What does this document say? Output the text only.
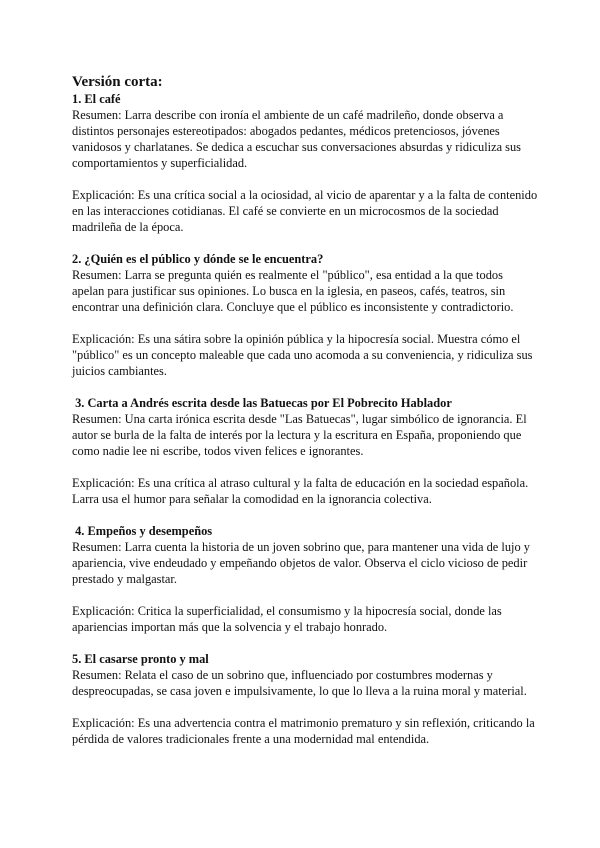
Versión corta:
1. El café
Resumen: Larra describe con ironía el ambiente de un café madrileño, donde observa a
distintos personajes estereotipados: abogados pedantes, médicos pretenciosos, jóvenes
vanidosos y charlatanes. Se dedica a escuchar sus conversaciones absurdas y ridiculiza sus
comportamientos y superficialidad.
Explicación: Es una crítica social a la ociosidad, al vicio de aparentar y a la falta de contenido
en las interacciones cotidianas. El café se convierte en un microcosmos de la sociedad
madrileña de la época.
2. ¿Quién es el público y dónde se le encuentra?
Resumen: Larra se pregunta quién es realmente el "público", esa entidad a la que todos
apelan para justificar sus opiniones. Lo busca en la iglesia, en paseos, cafés, teatros, sin
encontrar una definición clara. Concluye que el público es inconsistente y contradictorio.
Explicación: Es una sátira sobre la opinión pública y la hipocresía social. Muestra cómo el
"público" es un concepto maleable que cada uno acomoda a su conveniencia, y ridiculiza sus
juicios cambiantes.
3. Carta a Andrés escrita desde las Batuecas por El Pobrecito Hablador
Resumen: Una carta irónica escrita desde "Las Batuecas", lugar simbólico de ignorancia. El
autor se burla de la falta de interés por la lectura y la escritura en España, proponiendo que
como nadie lee ni escribe, todos viven felices e ignorantes.
Explicación: Es una crítica al atraso cultural y la falta de educación en la sociedad española.
Larra usa el humor para señalar la comodidad en la ignorancia colectiva.
4. Empeños y desempeños
Resumen: Larra cuenta la historia de un joven sobrino que, para mantener una vida de lujo y
apariencia, vive endeudado y empeñando objetos de valor. Observa el ciclo vicioso de pedir
prestado y malgastar.
Explicación: Critica la superficialidad, el consumismo y la hipocresía social, donde las
apariencias importan más que la solvencia y el trabajo honrado.
5. El casarse pronto y mal
Resumen: Relata el caso de un sobrino que, influenciado por costumbres modernas y
despreocupadas, se casa joven e impulsivamente, lo que lo lleva a la ruina moral y material.
Explicación: Es una advertencia contra el matrimonio prematuro y sin reflexión, criticando la
pérdida de valores tradicionales frente a una modernidad mal entendida.
